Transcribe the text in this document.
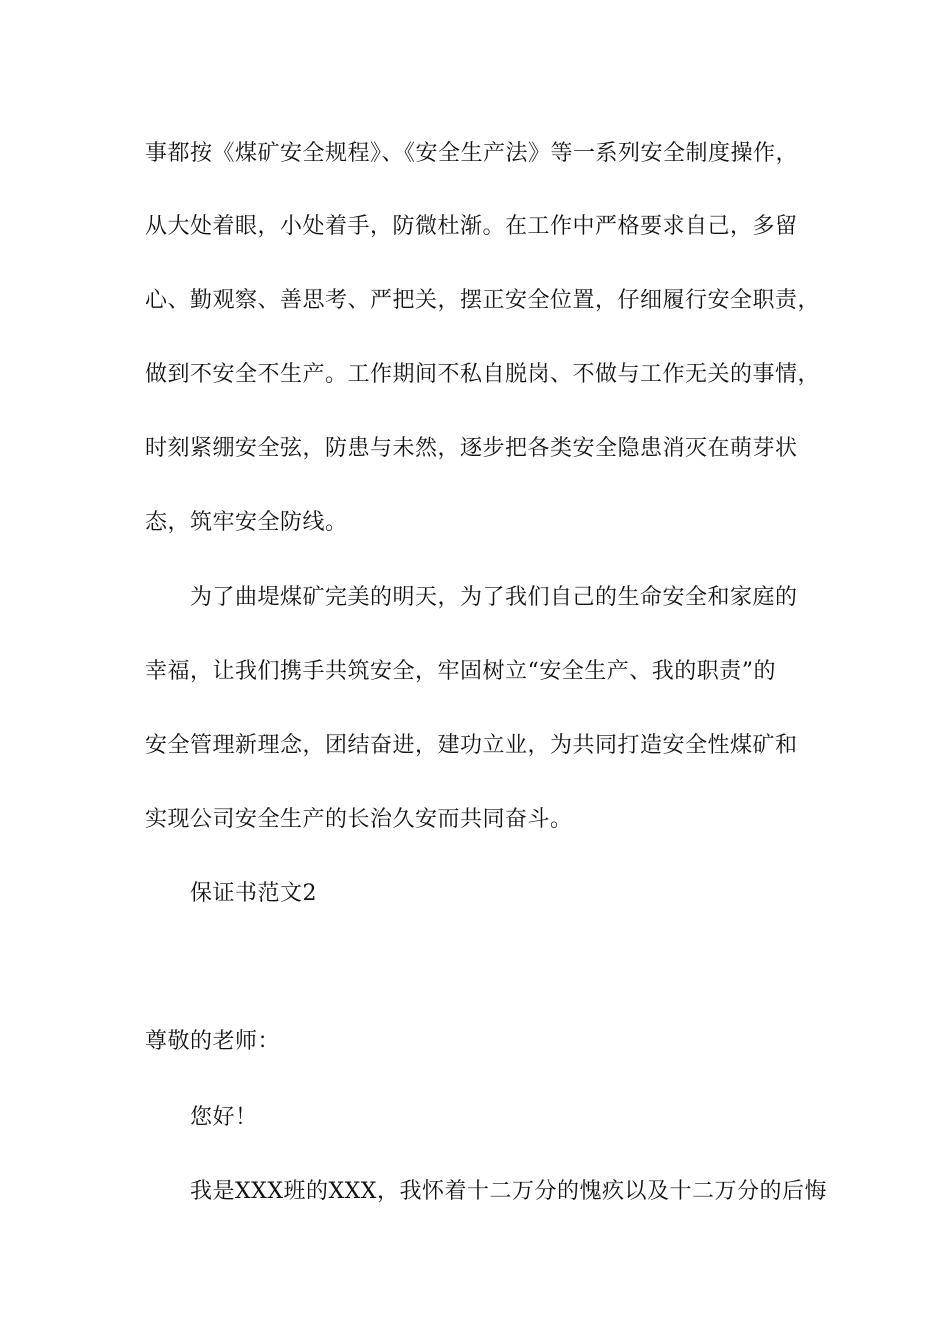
事都按《煤矿安全规程》、《安全生产法》等一系列安全制度操作，
从大处着眼，小处着手，防微杜渐。在工作中严格要求自己，多留
心、勤观察、善思考、严把关，摆正安全位置，仔细履行安全职责，
做到不安全不生产。工作期间不私自脱岗、不做与工作无关的事情，
时刻紧绷安全弦，防患与未然，逐步把各类安全隐患消灭在萌芽状
态，筑牢安全防线。
为了曲堤煤矿完美的明天，为了我们自己的生命安全和家庭的
幸福，让我们携手共筑安全，牢固树立“安全生产、我的职责”的
安全管理新理念，团结奋进，建功立业，为共同打造安全性煤矿和
实现公司安全生产的长治久安而共同奋斗。
保证书范文2
尊敬的老师：
您好！
我是XXX班的XXX，我怀着十二万分的愧疚以及十二万分的后悔
